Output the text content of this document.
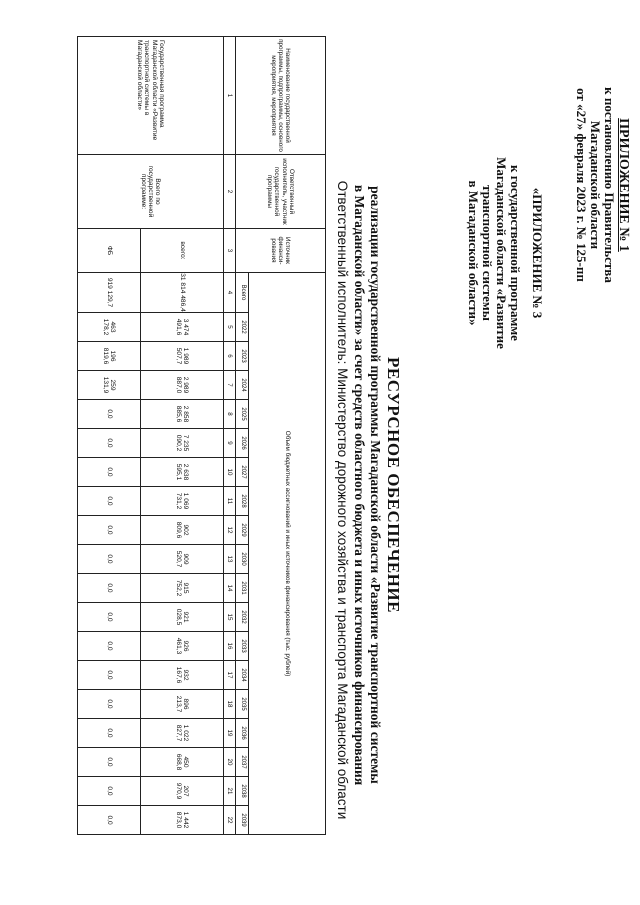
ПРИЛОЖЕНИЕ № 1
к постановлению Правительства
Магаданской области
от «27» февраля 2023 г. № 125-пп
«ПРИЛОЖЕНИЕ № 3
к государственной программе
Магаданской области «Развитие
транспортной системы
в Магаданской области»
РЕСУРСНОЕ ОБЕСПЕЧЕНИЕ
реализации государственной программы Магаданской области «Развитие транспортной системы
в Магаданской области» за счет средств областного бюджета и иных источников финансирования
Ответственный исполнитель: Министерство дорожного хозяйства и транспорта Магаданской области
Наименование государственной программы, подпрограммы, основного мероприятия, мероприятия	Ответственный исполнитель, участник государственной программы	Источник финанси-рования	Объем бюджетных ассигнований и иных источников финансирования (тыс. рублей)																		
			Всего	2022	2023	2024	2025	2026	2027	2028	2029	2030	2031	2032	2033	2034	2035	2036	2037	2038	2039
1	2	3	4	5	6	7	8	9	10	11	12	13	14	15	16	17	18	19	20	21	22
Государственная программа Магаданской области «Развитие транспортной системы в Магаданской области»	Всего по государственной программе:	всего:	31 814 486,4	3 474 491,6	1 989 507,7	2 989 887,0	2 858 885,6	7 235 090,2	2 638 595,1	1 069 731,2	902 809,6	909 520,7	915 752,2	921 028,5	926 461,3	932 167,6	896 213,7	1 022 827,7	450 668,8	207 970,9	1 442 873,0
		ФБ	919 129,7	463 178,2	196 819,6	259 131,9	0,0	0,0	0,0	0,0	0,0	0,0	0,0	0,0	0,0	0,0	0,0	0,0	0,0	0,0	0,0
